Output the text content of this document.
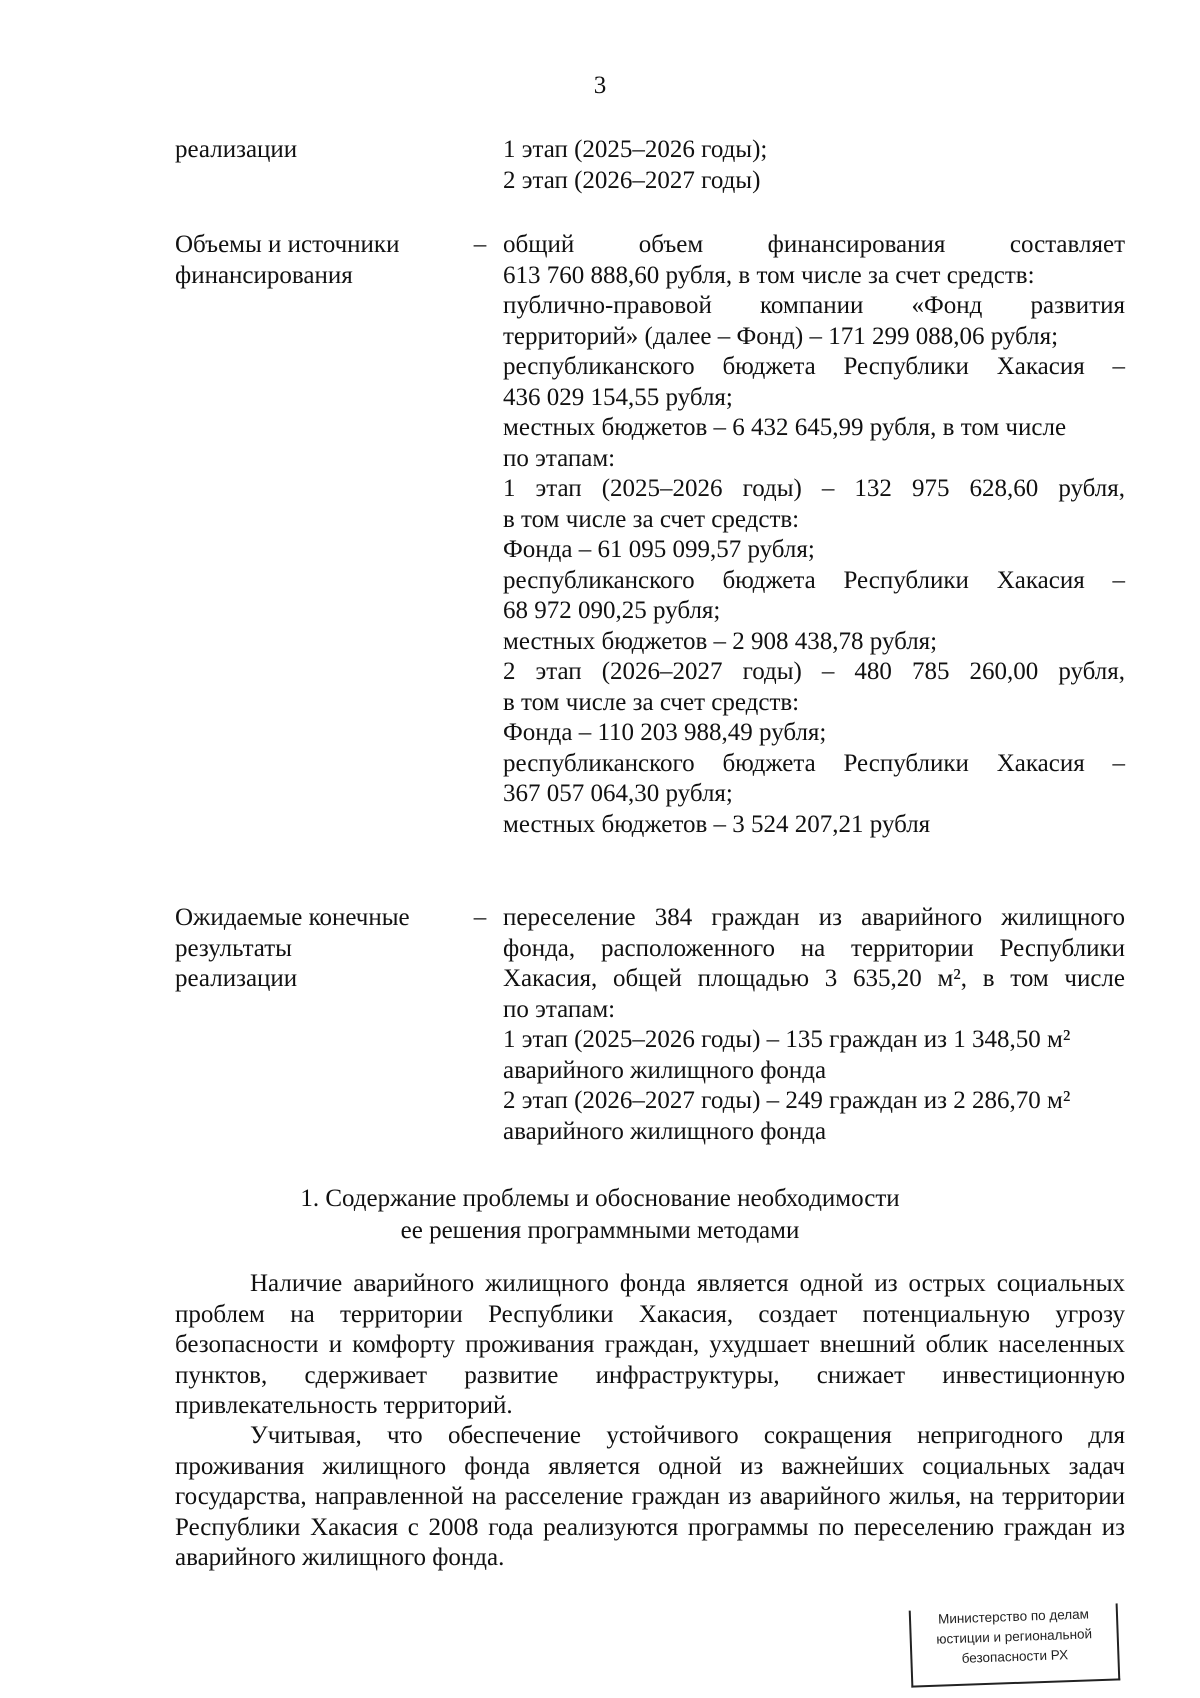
3
реализации	1 этап (2025–2026 годы);
2 этап (2026–2027 годы)
Объемы и источники
финансирования
– общий объем финансирования составляет
613 760 888,60 рубля, в том числе за счет средств:
публично-правовой компании «Фонд развития
территорий» (далее – Фонд) – 171 299 088,06 рубля;
республиканского бюджета Республики Хакасия –
436 029 154,55 рубля;
местных бюджетов – 6 432 645,99 рубля, в том числе
по этапам:
1 этап (2025–2026 годы) – 132 975 628,60 рубля,
в том числе за счет средств:
Фонда – 61 095 099,57 рубля;
республиканского бюджета Республики Хакасия –
68 972 090,25 рубля;
местных бюджетов – 2 908 438,78 рубля;
2 этап (2026–2027 годы) – 480 785 260,00 рубля,
в том числе за счет средств:
Фонда – 110 203 988,49 рубля;
республиканского бюджета Республики Хакасия –
367 057 064,30 рубля;
местных бюджетов – 3 524 207,21 рубля
Ожидаемые конечные
результаты
реализации
– переселение 384 граждан из аварийного жилищного
фонда, расположенного на территории Республики
Хакасия, общей площадью 3 635,20 м², в том числе
по этапам:
1 этап (2025–2026 годы) – 135 граждан из 1 348,50 м²
аварийного жилищного фонда
2 этап (2026–2027 годы) – 249 граждан из 2 286,70 м²
аварийного жилищного фонда
1. Содержание проблемы и обоснование необходимости
ее решения программными методами
Наличие аварийного жилищного фонда является одной из острых социальных проблем на территории Республики Хакасия, создает потенциальную угрозу безопасности и комфорту проживания граждан, ухудшает внешний облик населенных пунктов, сдерживает развитие инфраструктуры, снижает инвестиционную привлекательность территорий.
Учитывая, что обеспечение устойчивого сокращения непригодного для проживания жилищного фонда является одной из важнейших социальных задач государства, направленной на расселение граждан из аварийного жилья, на территории Республики Хакасия с 2008 года реализуются программы по переселению граждан из аварийного жилищного фонда.
Министерство по делам
юстиции и региональной
безопасности РХ
